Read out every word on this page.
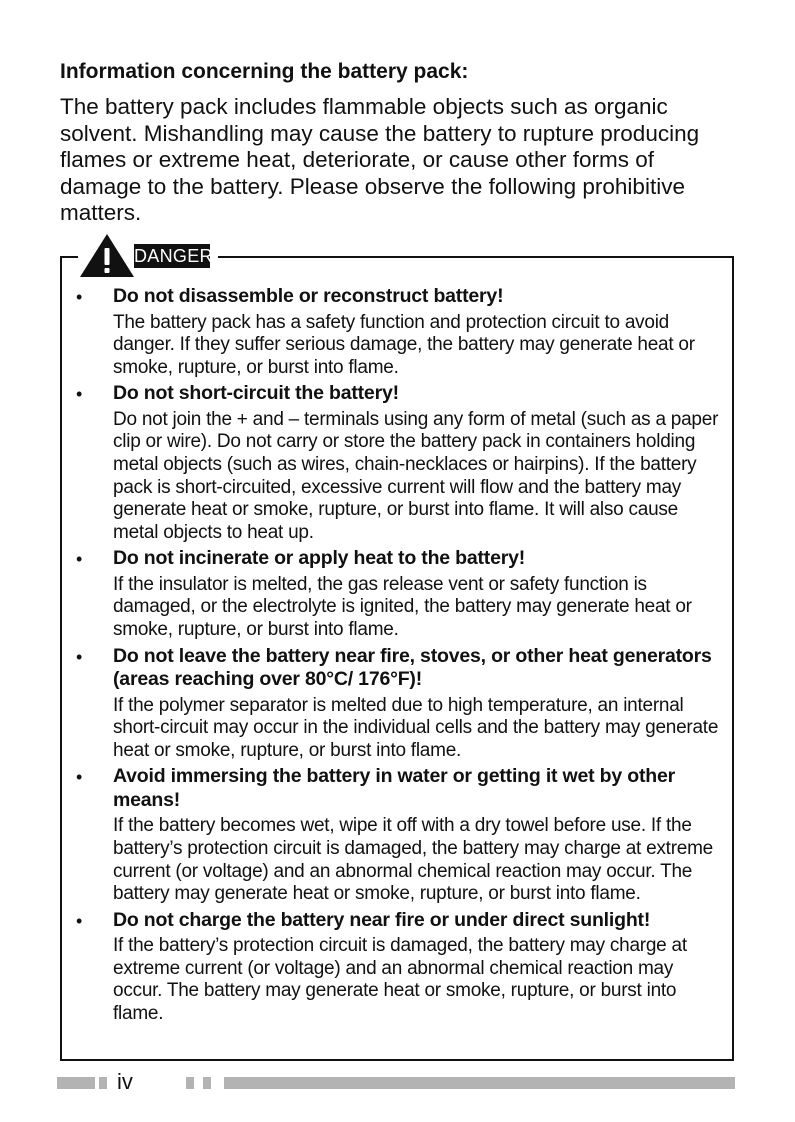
Information concerning the battery pack:

The battery pack includes flammable objects such as organic solvent. Mishandling may cause the battery to rupture producing flames or extreme heat, deteriorate, or cause other forms of damage to the battery. Please observe the following prohibitive matters.

DANGER
• Do not disassemble or reconstruct battery!

The battery pack has a safety function and protection circuit to avoid danger. If they suffer serious damage, the battery may generate heat or smoke, rupture, or burst into flame.

• Do not short-circuit the battery!

Do not join the + and – terminals using any form of metal (such as a paper clip or wire). Do not carry or store the battery pack in containers holding metal objects (such as wires, chain-necklaces or hairpins). If the battery pack is short-circuited, excessive current will flow and the battery may generate heat or smoke, rupture, or burst into flame. It will also cause metal objects to heat up.

• Do not incinerate or apply heat to the battery!

If the insulator is melted, the gas release vent or safety function is damaged, or the electrolyte is ignited, the battery may generate heat or smoke, rupture, or burst into flame.

• Do not leave the battery near fire, stoves, or other heat generators (areas reaching over 80°C/ 176°F)!

If the polymer separator is melted due to high temperature, an internal short-circuit may occur in the individual cells and the battery may generate heat or smoke, rupture, or burst into flame.

• Avoid immersing the battery in water or getting it wet by other means!

If the battery becomes wet, wipe it off with a dry towel before use. If the battery’s protection circuit is damaged, the battery may charge at extreme current (or voltage) and an abnormal chemical reaction may occur. The battery may generate heat or smoke, rupture, or burst into flame.

• Do not charge the battery near fire or under direct sunlight!

If the battery’s protection circuit is damaged, the battery may charge at extreme current (or voltage) and an abnormal chemical reaction may occur. The battery may generate heat or smoke, rupture, or burst into flame.

iv
